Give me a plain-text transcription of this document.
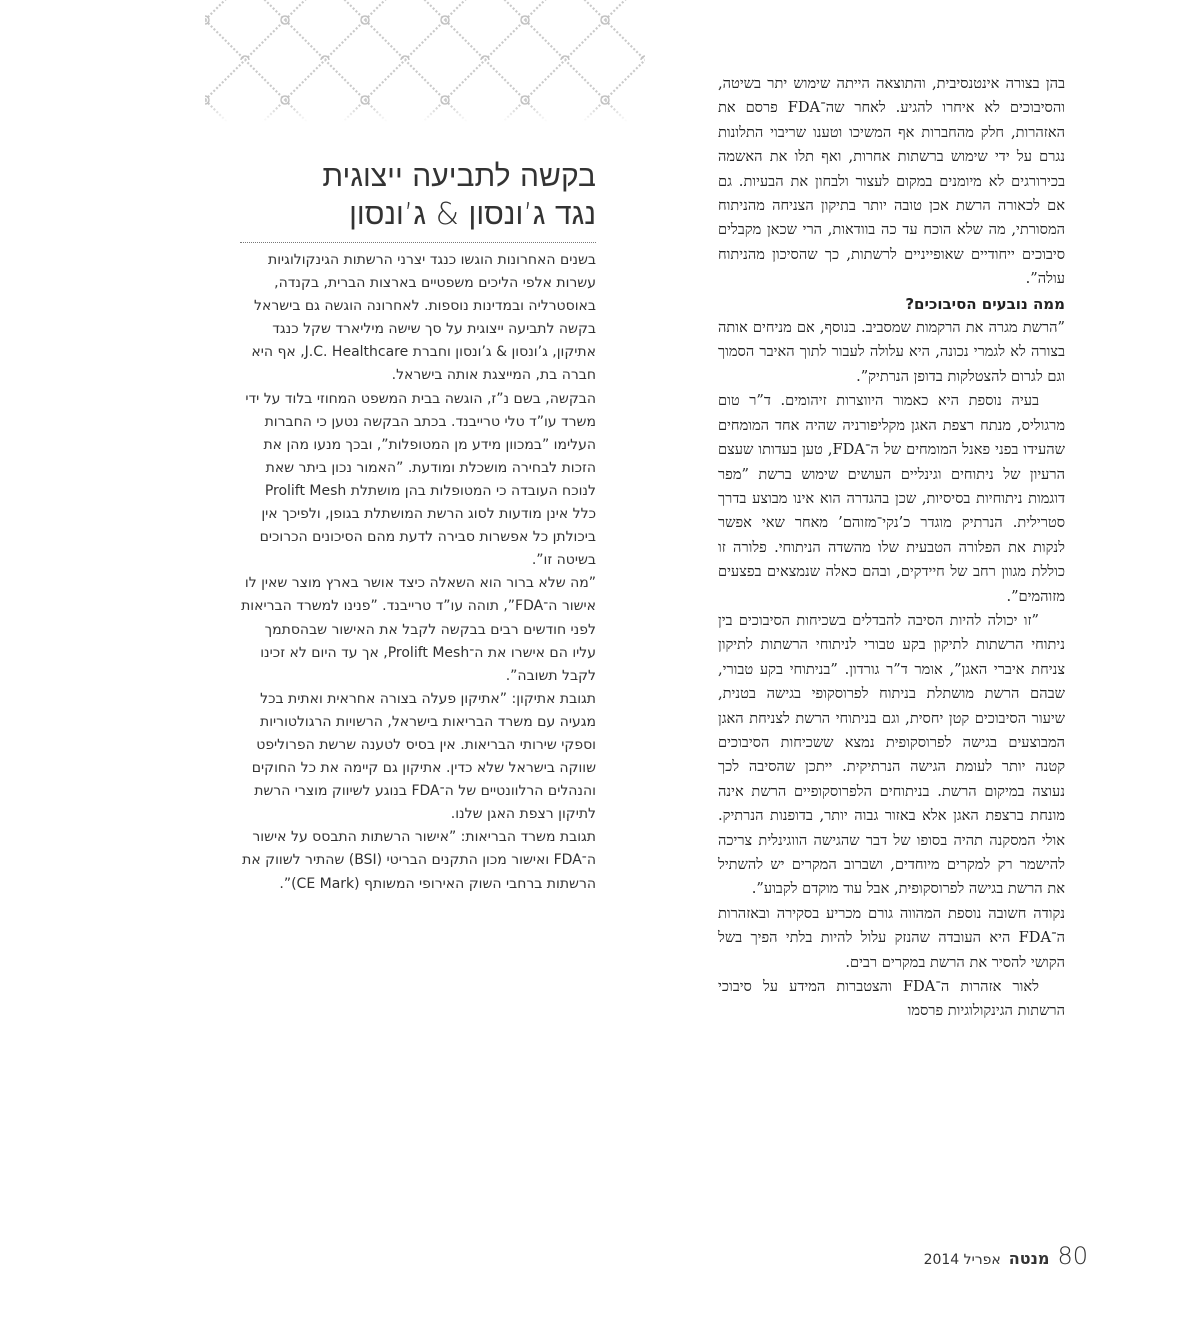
בהן בצורה אינטנסיבית, והתוצאה הייתה שימוש יתר בשיטה, והסיבוכים לא איחרו להגיע. לאחר שה־FDA פרסם את האזהרות, חלק מהחברות אף המשיכו וטענו שריבוי התלונות נגרם על ידי שימוש ברשתות אחרות, ואף תלו את האשמה בכירורגים לא מיומנים במקום לעצור ולבחון את הבעיות. גם אם לכאורה הרשת אכן טובה יותר בתיקון הצניחה מהניתוח המסורתי, מה שלא הוכח עד כה בוודאות, הרי שכאן מקבלים סיבוכים ייחודיים שאופייניים לרשתות, כך שהסיכון מהניתוח עולה”.

ממה נובעים הסיבוכים?

”הרשת מגרה את הרקמות שמסביב. בנוסף, אם מניחים אותה בצורה לא לגמרי נכונה, היא עלולה לעבור לתוך האיבר הסמוך וגם לגרום להצטלקות בדופן הנרתיק”.

בעיה נוספת היא כאמור היווצרות זיהומים. ד”ר טום מרגוליס, מנתח רצפת האגן מקליפורניה שהיה אחד המומחים שהעידו בפני פאנל המומחים של ה־FDA, טען בעדותו שעצם הרעיון של ניתוחים וגינליים העושים שימוש ברשת ”מפר דוגמות ניתוחיות בסיסיות, שכן בהגדרה הוא אינו מבוצע בדרך סטרילית. הנרתיק מוגדר כ’נקי־מזוהם’ מאחר שאי אפשר לנקות את הפלורה הטבעית שלו מהשדה הניתוחי. פלורה זו כוללת מגוון רחב של חיידקים, ובהם כאלה שנמצאים בפצעים מזוהמים”.

”זו יכולה להיות הסיבה להבדלים בשכיחות הסיבוכים בין ניתוחי הרשתות לתיקון בקע טבורי לניתוחי הרשתות לתיקון צניחת איברי האגן”, אומר ד”ר גורדון. ”בניתוחי בקע טבורי, שבהם הרשת מושתלת בניתוח לפרוסקופי בגישה בטנית, שיעור הסיבוכים קטן יחסית, וגם בניתוחי הרשת לצניחת האגן המבוצעים בגישה לפרוסקופית נמצא ששכיחות הסיבוכים קטנה יותר לעומת הגישה הנרתיקית. ייתכן שהסיבה לכך נעוצה במיקום הרשת. בניתוחים הלפרוסקופיים הרשת אינה מונחת ברצפת האגן אלא באזור גבוה יותר, בדופנות הנרתיק. אולי המסקנה תהיה בסופו של דבר שהגישה הווגינלית צריכה להישמר רק למקרים מיוחדים, ושברוב המקרים יש להשתיל את הרשת בגישה לפרוסקופית, אבל עוד מוקדם לקבוע”.

נקודה חשובה נוספת המהווה גורם מכריע בסקירה ובאזהרות ה־FDA היא העובדה שהנזק עלול להיות בלתי הפיך בשל הקושי להסיר את הרשת במקרים רבים.

לאור אזהרות ה־FDA והצטברות המידע על סיבוכי הרשתות הגינקולוגיות פרסמו

בקשה לתביעה ייצוגית
נגד ג’ונסון & ג’ונסון

בשנים האחרונות הוגשו כנגד יצרני הרשתות הגינקולוגיות עשרות אלפי הליכים משפטיים בארצות הברית, בקנדה, באוסטרליה ובמדינות נוספות. לאחרונה הוגשה גם בישראל בקשה לתביעה ייצוגית על סך שישה מיליארד שקל כנגד אתיקון, ג’ונסון & ג’ונסון וחברת J.C. Healthcare, אף היא חברה בת, המייצגת אותה בישראל.

הבקשה, בשם נ”ז, הוגשה בבית המשפט המחוזי בלוד על ידי משרד עו”ד טלי טרייבנד. בכתב הבקשה נטען כי החברות העלימו ”במכוון מידע מן המטופלות”, ובכך מנעו מהן את הזכות לבחירה מושכלת ומודעת. ”האמור נכון ביתר שאת לנוכח העובדה כי המטופלות בהן מושתלת Prolift Mesh כלל אינן מודעות לסוג הרשת המושתלת בגופן, ולפיכך אין ביכולתן כל אפשרות סבירה לדעת מהם הסיכונים הכרוכים בשיטה זו”.

”מה שלא ברור הוא השאלה כיצד אושר בארץ מוצר שאין לו אישור ה־FDA”, תוהה עו”ד טרייבנד. ”פנינו למשרד הבריאות לפני חודשים רבים בבקשה לקבל את האישור שבהסתמך עליו הם אישרו את ה־Prolift Mesh, אך עד היום לא זכינו לקבל תשובה”.

תגובת אתיקון: ”אתיקון פעלה בצורה אחראית ואתית בכל מגעיה עם משרד הבריאות בישראל, הרשויות הרגולטוריות וספקי שירותי הבריאות. אין בסיס לטענה שרשת הפרוליפט שווקה בישראל שלא כדין. אתיקון גם קיימה את כל החוקים והנהלים הרלוונטיים של ה־FDA בנוגע לשיווק מוצרי הרשת לתיקון רצפת האגן שלנו.

תגובת משרד הבריאות: ”אישור הרשתות התבסס על אישור ה־FDA ואישור מכון התקנים הבריטי (BSI) שהתיר לשווק את הרשתות ברחבי השוק האירופי המשותף (CE Mark)”.

80
מנטה
אפריל 2014
